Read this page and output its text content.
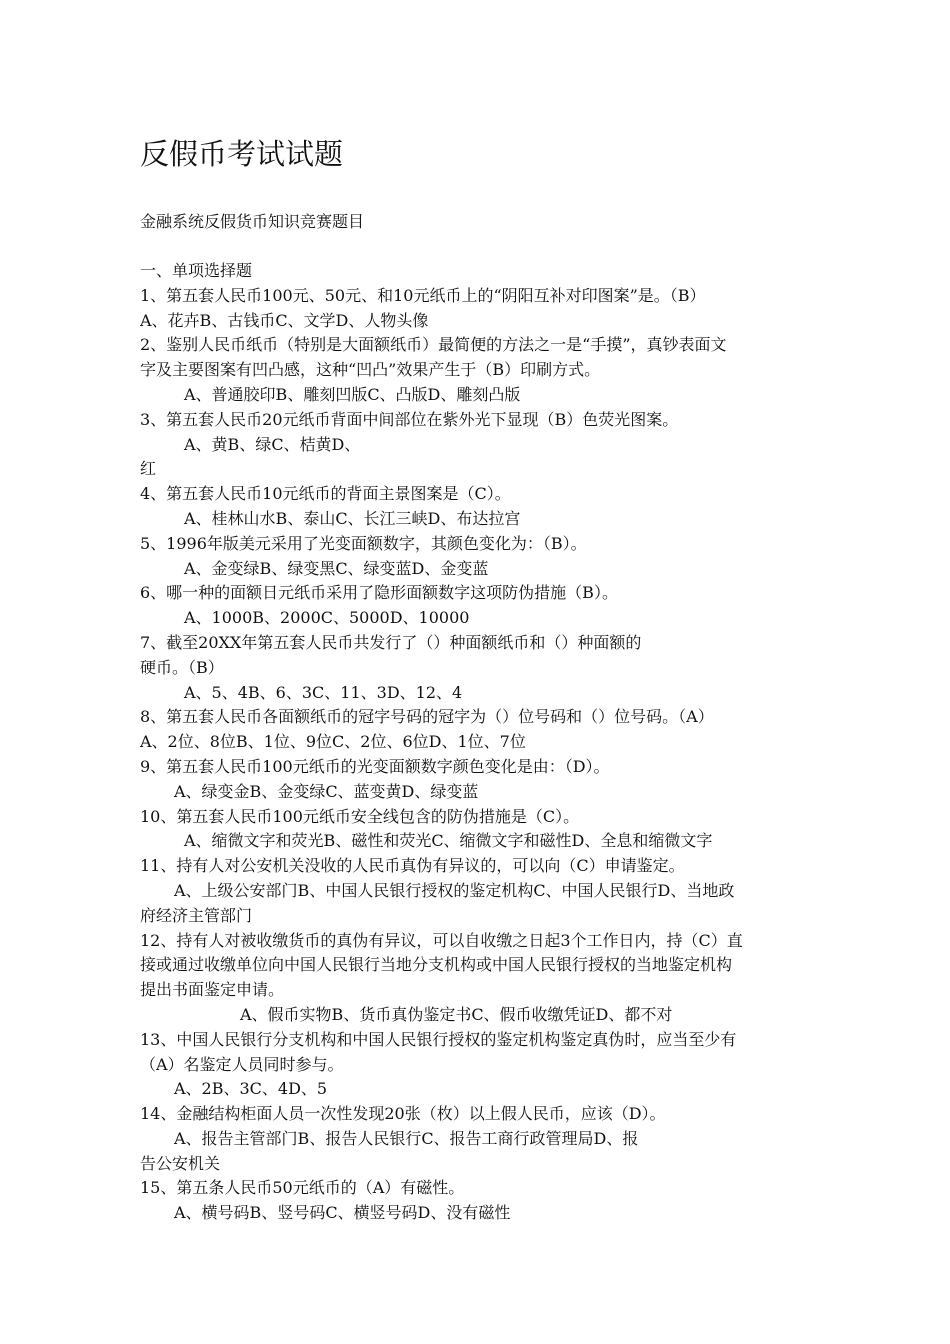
反假币考试试题

金融系统反假货币知识竞赛题目

一、单项选择题
1、第五套人民币100元、50元、和10元纸币上的“阴阳互补对印图案”是。（B）
A、花卉B、古钱币C、文学D、人物头像
2、鉴别人民币纸币（特别是大面额纸币）最简便的方法之一是“手摸”，真钞表面文
字及主要图案有凹凸感，这种“凹凸”效果产生于（B）印刷方式。
A、普通胶印B、雕刻凹版C、凸版D、雕刻凸版
3、第五套人民币20元纸币背面中间部位在紫外光下显现（B）色荧光图案。
A、黄B、绿C、桔黄D、
红
4、第五套人民币10元纸币的背面主景图案是（C）。
A、桂林山水B、泰山C、长江三峡D、布达拉宫
5、1996年版美元采用了光变面额数字，其颜色变化为：（B）。
A、金变绿B、绿变黑C、绿变蓝D、金变蓝
6、哪一种的面额日元纸币采用了隐形面额数字这项防伪措施（B）。
A、1000B、2000C、5000D、10000
7、截至20XX年第五套人民币共发行了（）种面额纸币和（）种面额的
硬币。（B）
A、5、4B、6、3C、11、3D、12、4
8、第五套人民币各面额纸币的冠字号码的冠字为（）位号码和（）位号码。（A）
A、2位、8位B、1位、9位C、2位、6位D、1位、7位
9、第五套人民币100元纸币的光变面额数字颜色变化是由：（D）。
A、绿变金B、金变绿C、蓝变黄D、绿变蓝
10、第五套人民币100元纸币安全线包含的防伪措施是（C）。
A、缩微文字和荧光B、磁性和荧光C、缩微文字和磁性D、全息和缩微文字
11、持有人对公安机关没收的人民币真伪有异议的，可以向（C）申请鉴定。
A、上级公安部门B、中国人民银行授权的鉴定机构C、中国人民银行D、当地政
府经济主管部门
12、持有人对被收缴货币的真伪有异议，可以自收缴之日起3个工作日内，持（C）直
接或通过收缴单位向中国人民银行当地分支机构或中国人民银行授权的当地鉴定机构
提出书面鉴定申请。
A、假币实物B、货币真伪鉴定书C、假币收缴凭证D、都不对
13、中国人民银行分支机构和中国人民银行授权的鉴定机构鉴定真伪时，应当至少有
（A）名鉴定人员同时参与。
A、2B、3C、4D、5
14、金融结构柜面人员一次性发现20张（枚）以上假人民币，应该（D）。
A、报告主管部门B、报告人民银行C、报告工商行政管理局D、报
告公安机关
15、第五条人民币50元纸币的（A）有磁性。
A、横号码B、竖号码C、横竖号码D、没有磁性
